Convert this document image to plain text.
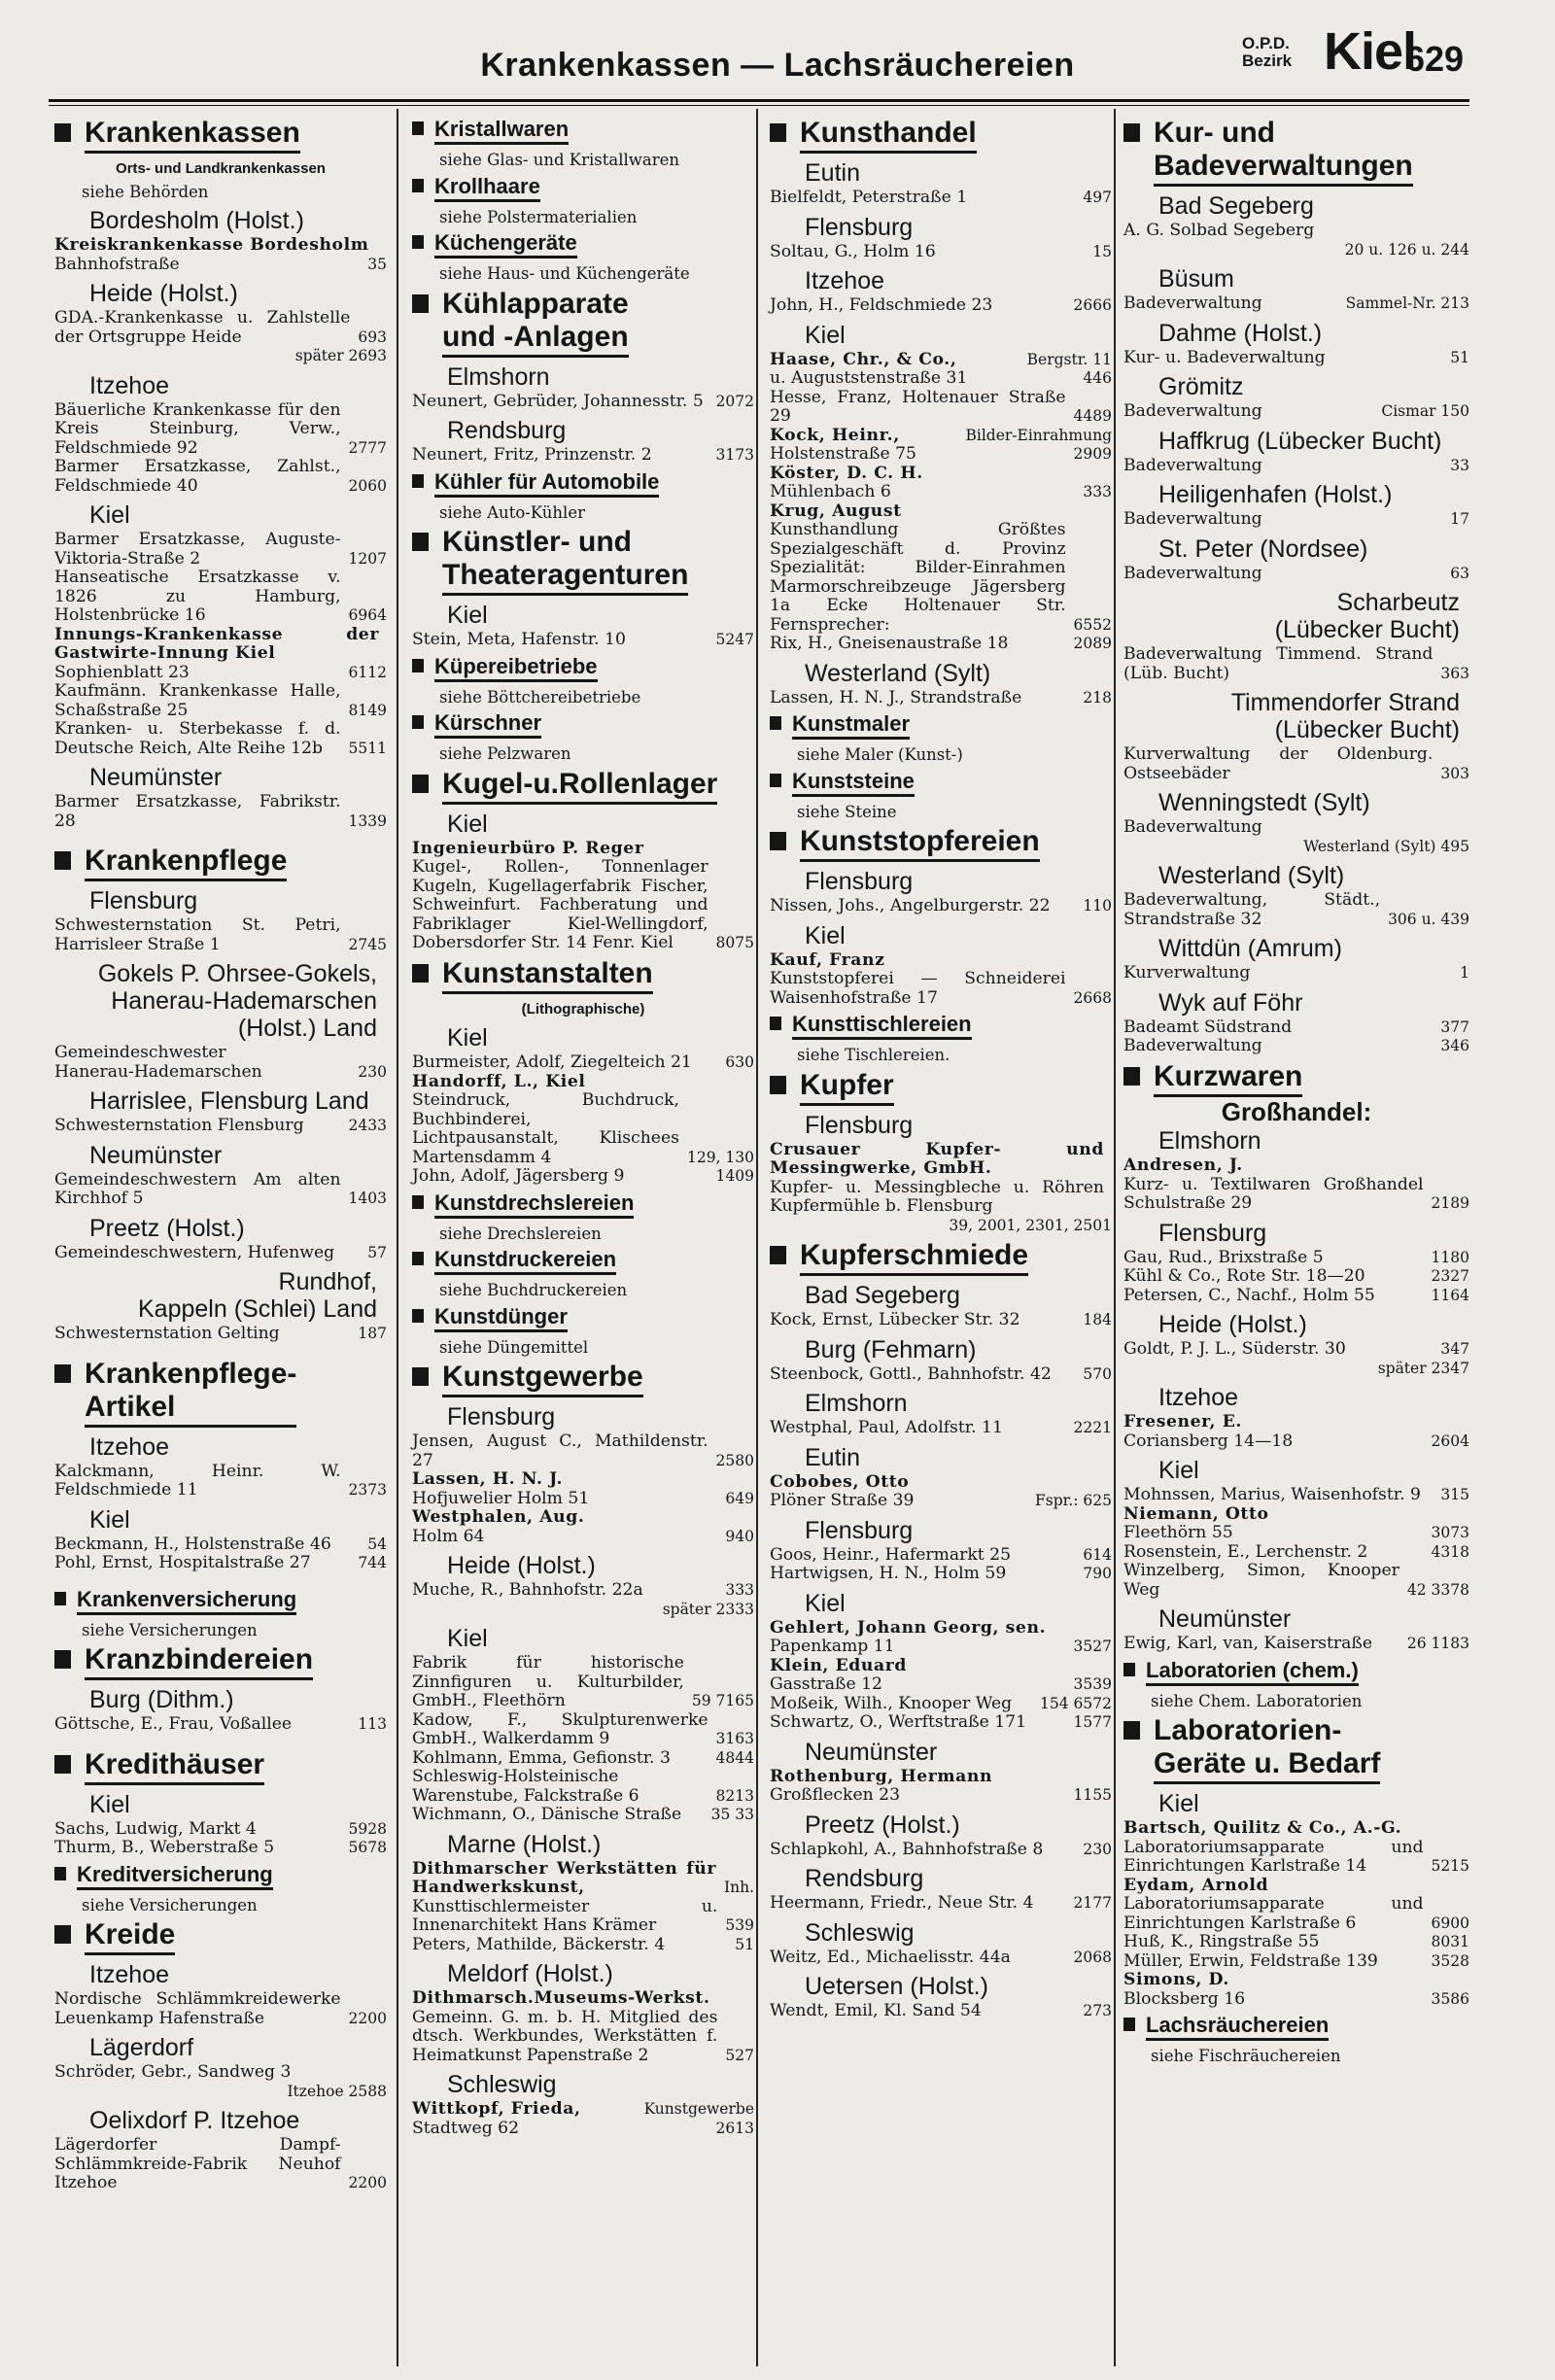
Krankenkassen — Lachsräuchereien
O.P.D.
Bezirk Kiel
629
Krankenkassen
Orts- und Landkrankenkassen
siehe Behörden
Bordesholm (Holst.)
Kreiskrankenkasse Bordesholm
Bahnhofstraße	35
Heide (Holst.)
GDA.-Krankenkasse u. Zahlstelle der Ortsgruppe Heide	693
später 2693
Itzehoe
Bäuerliche Krankenkasse für den Kreis Steinburg, Verw., Feldschmiede 92	2777
Barmer Ersatzkasse, Zahlst., Feldschmiede 40	2060
Kiel
Barmer Ersatzkasse, Auguste-Viktoria-Straße 2	1207
Hanseatische Ersatzkasse v. 1826 zu Hamburg, Holstenbrücke 16	6964
Innungs-Krankenkasse der Gastwirte-Innung Kiel
Sophienblatt 23	6112
Kaufmänn. Krankenkasse Halle, Schaßstraße 25	8149
Kranken- u. Sterbekasse f. d. Deutsche Reich, Alte Reihe 12b	5511
Neumünster
Barmer Ersatzkasse, Fabrikstr. 28	1339
Krankenpflege
Flensburg
Schwesternstation St. Petri, Harrisleer Straße 1	2745
Gokels P. Ohrsee-Gokels,
Hanerau-Hademarschen
(Holst.) Land
Gemeindeschwester
Hanerau-Hademarschen	230
Harrislee, Flensburg Land
Schwesternstation Flensburg	2433
Neumünster
Gemeindeschwestern Am alten Kirchhof 5	1403
Preetz (Holst.)
Gemeindeschwestern, Hufenweg	57
Rundhof,
Kappeln (Schlei) Land
Schwesternstation Gelting	187
Krankenpflege-
Artikel
Itzehoe
Kalckmann, Heinr. W. Feldschmiede 11	2373
Kiel
Beckmann, H., Holstenstraße 46	54
Pohl, Ernst, Hospitalstraße 27	744
Krankenversicherung
siehe Versicherungen
Kranzbindereien
Burg (Dithm.)
Göttsche, E., Frau, Voßallee	113
Kredithäuser
Kiel
Sachs, Ludwig, Markt 4	5928
Thurm, B., Weberstraße 5	5678
Kreditversicherung
siehe Versicherungen
Kreide
Itzehoe
Nordische Schlämmkreidewerke Leuenkamp Hafenstraße	2200
Lägerdorf
Schröder, Gebr., Sandweg 3
Itzehoe 2588
Oelixdorf P. Itzehoe
Lägerdorfer Dampf-Schlämmkreide-Fabrik Neuhof Itzehoe	2200
Kristallwaren
siehe Glas- und Kristallwaren
Krollhaare
siehe Polstermaterialien
Küchengeräte
siehe Haus- und Küchengeräte
Kühlapparate
und -Anlagen
Elmshorn
Neunert, Gebrüder, Johannesstr. 5 2072
Rendsburg
Neunert, Fritz, Prinzenstr. 2	3173
Kühler für Automobile
siehe Auto-Kühler
Künstler- und
Theateragenturen
Kiel
Stein, Meta, Hafenstr. 10	5247
Küpereibetriebe
siehe Böttchereibetriebe
Kürschner
siehe Pelzwaren
Kugel-u.Rollenlager
Kiel
Ingenieurbüro P. Reger
Kugel-, Rollen-, Tonnenlager Kugeln, Kugellagerfabrik Fischer, Schweinfurt. Fachberatung und Fabriklager Kiel-Wellingdorf, Dobersdorfer Str. 14 Fenr. Kiel	8075
Kunstanstalten
(Lithographische)
Kiel
Burmeister, Adolf, Ziegelteich 21	630
Handorff, L., Kiel
Steindruck, Buchdruck, Buchbinderei, Lichtpausanstalt, Klischees Martensdamm 4	129, 130
John, Adolf, Jägersberg 9	1409
Kunstdrechslereien
siehe Drechslereien
Kunstdruckereien
siehe Buchdruckereien
Kunstdünger
siehe Düngemittel
Kunstgewerbe
Flensburg
Jensen, August C., Mathildenstr. 27	2580
Lassen, H. N. J.
Hofjuwelier Holm 51	649
Westphalen, Aug.
Holm 64	940
Heide (Holst.)
Muche, R., Bahnhofstr. 22a	333
später 2333
Kiel
Fabrik für historische Zinnfiguren u. Kulturbilder, GmbH., Fleethörn	59 7165
Kadow, F., Skulpturenwerke GmbH., Walkerdamm 9	3163
Kohlmann, Emma, Gefionstr. 3	4844
Schleswig-Holsteinische Warenstube, Falckstraße 6	8213
Wichmann, O., Dänische Straße	35 33
Marne (Holst.)
Dithmarscher Werkstätten für Handwerkskunst,	Inh.
Kunsttischlermeister u. Innenarchitekt Hans Krämer	539
Peters, Mathilde, Bäckerstr. 4	51
Meldorf (Holst.)
Dithmarsch.Museums-Werkst.
Gemeinn. G. m. b. H. Mitglied des dtsch. Werkbundes, Werkstätten f. Heimatkunst Papenstraße 2	527
Schleswig
Wittkopf, Frieda,	Kunstgewerbe
Stadtweg 62	2613
Kunsthandel
Eutin
Bielfeldt, Peterstraße 1	497
Flensburg
Soltau, G., Holm 16	15
Itzehoe
John, H., Feldschmiede 23	2666
Kiel
Haase, Chr., & Co.,	Bergstr. 11
u. Auguststenstraße 31	446
Hesse, Franz, Holtenauer Straße 29	4489
Kock, Heinr.,	Bilder-Einrahmung
Holstenstraße 75	2909
Köster, D. C. H.
Mühlenbach 6	333
Krug, August
Kunsthandlung Größtes Spezialgeschäft d. Provinz Spezialität: Bilder-Einrahmen Marmorschreibzeuge Jägersberg 1a Ecke Holtenauer Str. Fernsprecher:	6552
Rix, H., Gneisenaustraße 18	2089
Westerland (Sylt)
Lassen, H. N. J., Strandstraße	218
Kunstmaler
siehe Maler (Kunst-)
Kunststeine
siehe Steine
Kunststopfereien
Flensburg
Nissen, Johs., Angelburgerstr. 22	110
Kiel
Kauf, Franz
Kunststopferei — Schneiderei Waisenhofstraße 17	2668
Kunsttischlereien
siehe Tischlereien.
Kupfer
Flensburg
Crusauer Kupfer- und Messingwerke, GmbH.
Kupfer- u. Messingbleche u. Röhren Kupfermühle b. Flensburg
39, 2001, 2301, 2501
Kupferschmiede
Bad Segeberg
Kock, Ernst, Lübecker Str. 32	184
Burg (Fehmarn)
Steenbock, Gottl., Bahnhofstr. 42	570
Elmshorn
Westphal, Paul, Adolfstr. 11	2221
Eutin
Cobobes, Otto
Plöner Straße 39	Fspr.: 625
Flensburg
Goos, Heinr., Hafermarkt 25	614
Hartwigsen, H. N., Holm 59	790
Kiel
Gehlert, Johann Georg, sen.
Papenkamp 11	3527
Klein, Eduard
Gasstraße 12	3539
Moßeik, Wilh., Knooper Weg	154 6572
Schwartz, O., Werftstraße 171	1577
Neumünster
Rothenburg, Hermann
Großflecken 23	1155
Preetz (Holst.)
Schlapkohl, A., Bahnhofstraße 8	230
Rendsburg
Heermann, Friedr., Neue Str. 4	2177
Schleswig
Weitz, Ed., Michaelisstr. 44a	2068
Uetersen (Holst.)
Wendt, Emil, Kl. Sand 54	273
Kur- und
Badeverwaltungen
Bad Segeberg
A. G. Solbad Segeberg
20 u. 126 u. 244
Büsum
Badeverwaltung	Sammel-Nr. 213
Dahme (Holst.)
Kur- u. Badeverwaltung	51
Grömitz
Badeverwaltung	Cismar 150
Haffkrug (Lübecker Bucht)
Badeverwaltung	33
Heiligenhafen (Holst.)
Badeverwaltung	17
St. Peter (Nordsee)
Badeverwaltung	63
Scharbeutz
(Lübecker Bucht)
Badeverwaltung Timmend. Strand (Lüb. Bucht)	363
Timmendorfer Strand
(Lübecker Bucht)
Kurverwaltung der Oldenburg. Ostseebäder	303
Wenningstedt (Sylt)
Badeverwaltung
Westerland (Sylt) 495
Westerland (Sylt)
Badeverwaltung, Städt., Strandstraße 32	306 u. 439
Wittdün (Amrum)
Kurverwaltung	1
Wyk auf Föhr
Badeamt Südstrand	377
Badeverwaltung	346
Kurzwaren
Großhandel:
Elmshorn
Andresen, J.
Kurz- u. Textilwaren Großhandel Schulstraße 29	2189
Flensburg
Gau, Rud., Brixstraße 5	1180
Kühl & Co., Rote Str. 18—20	2327
Petersen, C., Nachf., Holm 55	1164
Heide (Holst.)
Goldt, P. J. L., Süderstr. 30	347
später 2347
Itzehoe
Fresener, E.
Coriansberg 14—18	2604
Kiel
Mohnssen, Marius, Waisenhofstr. 9	315
Niemann, Otto
Fleethörn 55	3073
Rosenstein, E., Lerchenstr. 2	4318
Winzelberg, Simon, Knooper Weg	42 3378
Neumünster
Ewig, Karl, van, Kaiserstraße	26 1183
Laboratorien (chem.)
siehe Chem. Laboratorien
Laboratorien-
Geräte u. Bedarf
Kiel
Bartsch, Quilitz & Co., A.-G.
Laboratoriumsapparate und Einrichtungen Karlstraße 14	5215
Eydam, Arnold
Laboratoriumsapparate und Einrichtungen Karlstraße 6	6900
Huß, K., Ringstraße 55	8031
Müller, Erwin, Feldstraße 139	3528
Simons, D.
Blocksberg 16	3586
Lachsräuchereien
siehe Fischräuchereien
